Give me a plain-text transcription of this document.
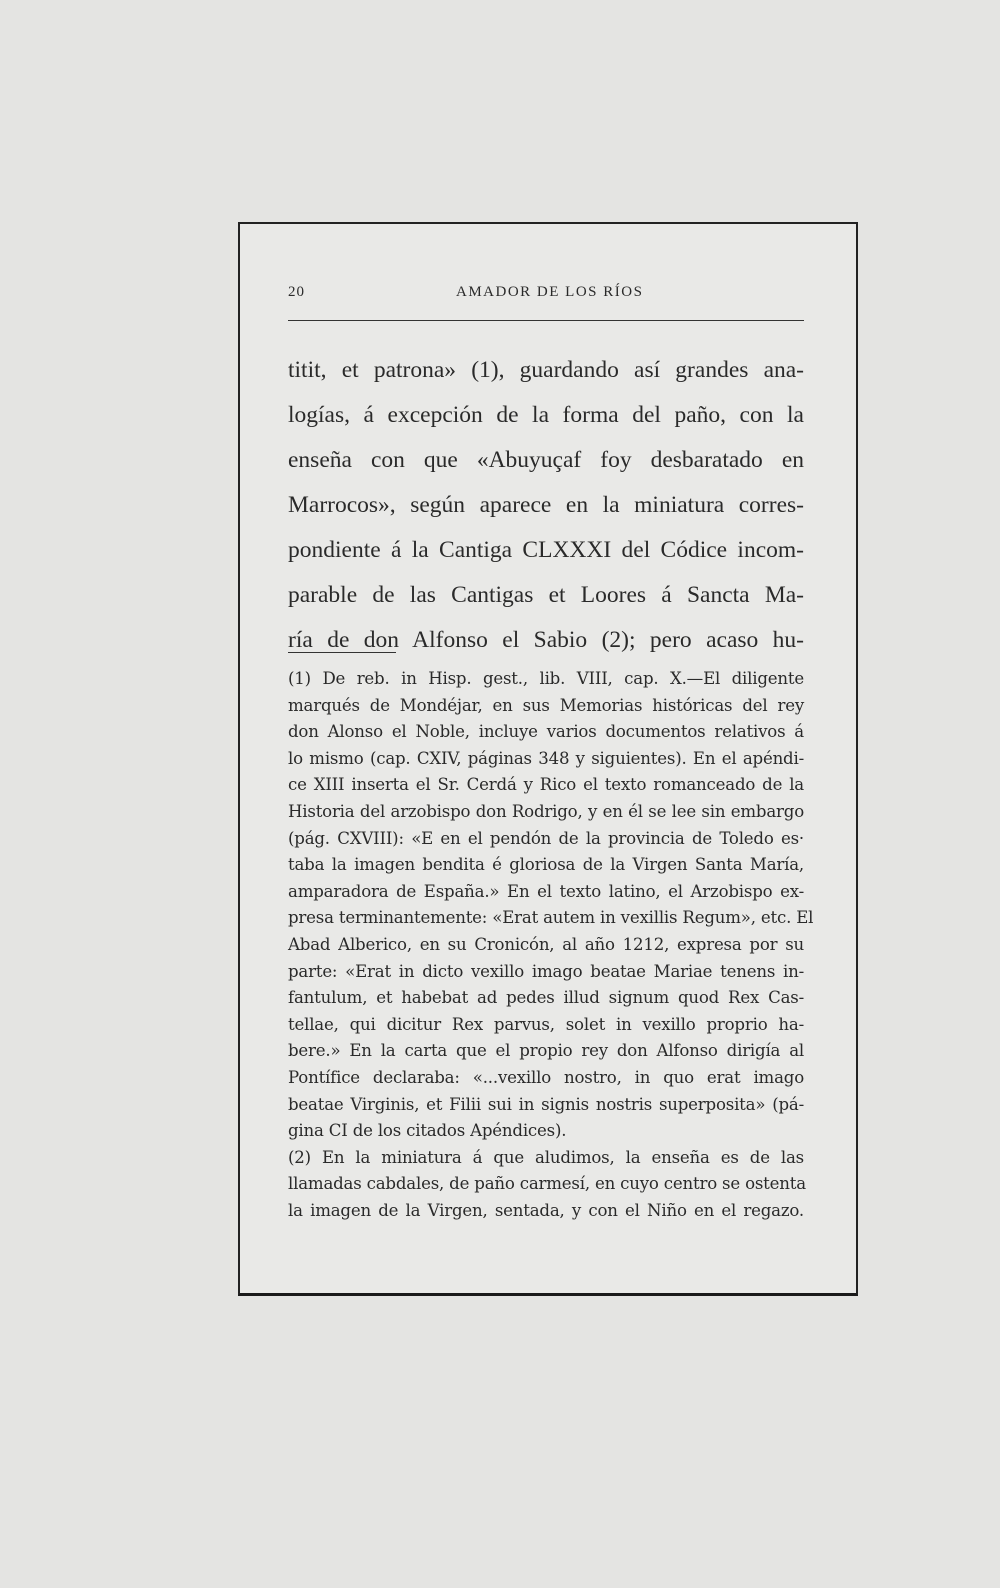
20	AMADOR DE LOS RÍOS
titit, et patrona» (1), guardando así grandes ana-
logías, á excepción de la forma del paño, con la
enseña con que «Abuyuçaf foy desbaratado en
Marrocos», según aparece en la miniatura corres-
pondiente á la Cantiga CLXXXI del Códice incom-
parable de las Cantigas et Loores á Sancta Ma-
ría de don Alfonso el Sabio (2); pero acaso hu-
(1) De reb. in Hisp. gest., lib. VIII, cap. X.—El diligente
marqués de Mondéjar, en sus Memorias históricas del rey
don Alonso el Noble, incluye varios documentos relativos á
lo mismo (cap. CXIV, páginas 348 y siguientes). En el apéndi-
ce XIII inserta el Sr. Cerdá y Rico el texto romanceado de la
Historia del arzobispo don Rodrigo, y en él se lee sin embargo
(pág. CXVIII): «E en el pendón de la provincia de Toledo es·
taba la imagen bendita é gloriosa de la Virgen Santa María,
amparadora de España.» En el texto latino, el Arzobispo ex-
presa terminantemente: «Erat autem in vexillis Regum», etc. El
Abad Alberico, en su Cronicón, al año 1212, expresa por su
parte: «Erat in dicto vexillo imago beatae Mariae tenens in-
fantulum, et habebat ad pedes illud signum quod Rex Cas-
tellae, qui dicitur Rex parvus, solet in vexillo proprio ha-
bere.» En la carta que el propio rey don Alfonso dirigía al
Pontífice declaraba: «...vexillo nostro, in quo erat imago
beatae Virginis, et Filii sui in signis nostris superposita» (pá-
gina CI de los citados Apéndices).
(2) En la miniatura á que aludimos, la enseña es de las
llamadas cabdales, de paño carmesí, en cuyo centro se ostenta
la imagen de la Virgen, sentada, y con el Niño en el regazo.
